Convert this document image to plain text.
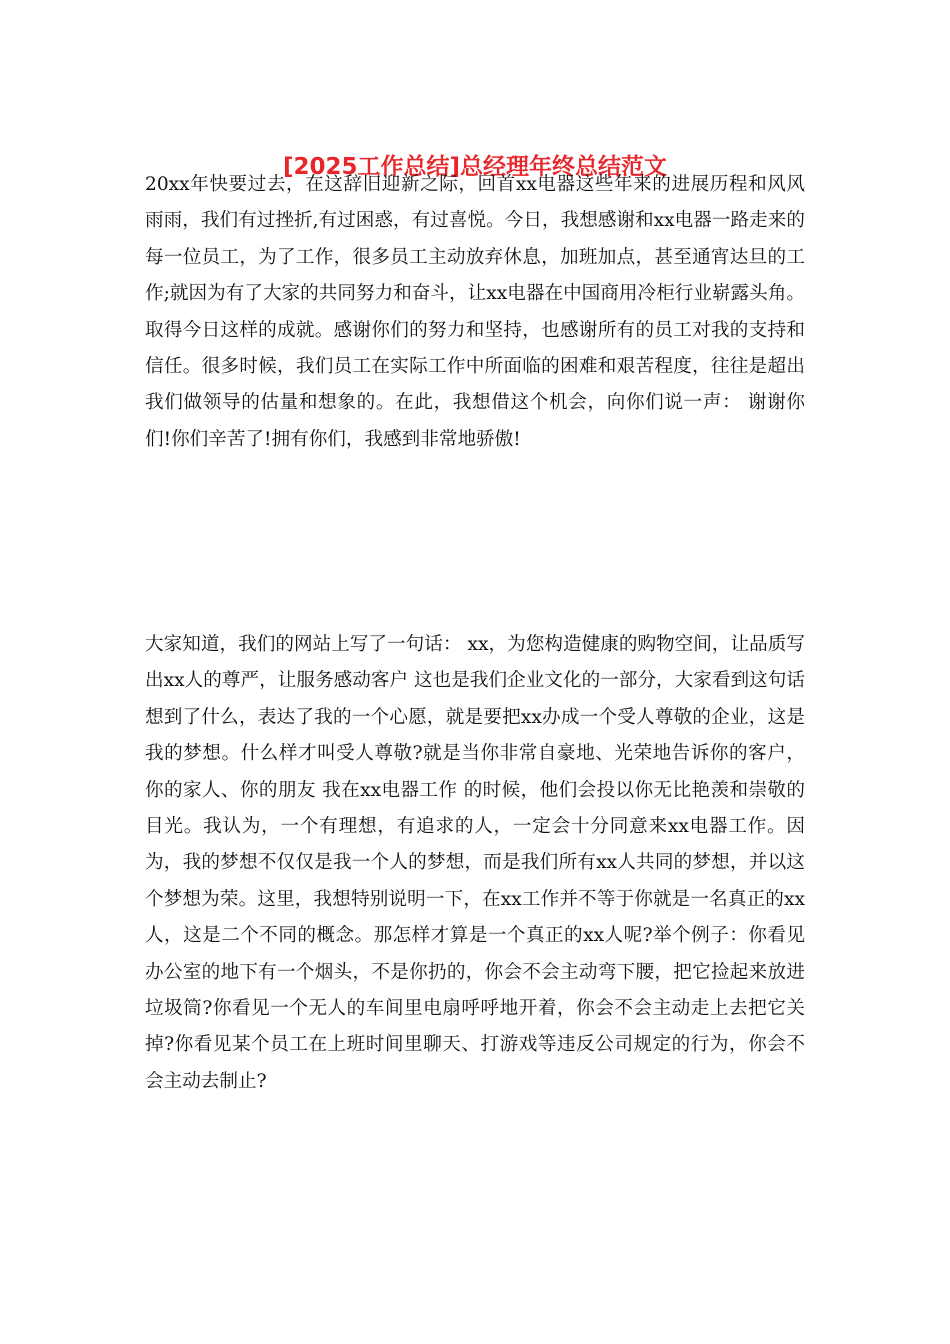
[2025工作总结]总经理年终总结范文

20xx年快要过去，在这辞旧迎新之际，回首xx电器这些年来的进展历程和风风雨雨，我们有过挫折,有过困惑，有过喜悦。今日，我想感谢和xx电器一路走来的每一位员工，为了工作，很多员工主动放弃休息，加班加点，甚至通宵达旦的工作;就因为有了大家的共同努力和奋斗，让xx电器在中国商用冷柜行业崭露头角。取得今日这样的成就。感谢你们的努力和坚持，也感谢所有的员工对我的支持和信任。很多时候，我们员工在实际工作中所面临的困难和艰苦程度，往往是超出我们做领导的估量和想象的。在此，我想借这个机会，向你们说一声： 谢谢你们!你们辛苦了!拥有你们，我感到非常地骄傲!

大家知道，我们的网站上写了一句话： xx，为您构造健康的购物空间，让品质写出xx人的尊严，让服务感动客户 这也是我们企业文化的一部分，大家看到这句话想到了什么，表达了我的一个心愿，就是要把xx办成一个受人尊敬的企业，这是我的梦想。什么样才叫受人尊敬?就是当你非常自豪地、光荣地告诉你的客户，你的家人、你的朋友 我在xx电器工作 的时候，他们会投以你无比艳羡和崇敬的目光。我认为，一个有理想，有追求的人，一定会十分同意来xx电器工作。因为，我的梦想不仅仅是我一个人的梦想，而是我们所有xx人共同的梦想，并以这个梦想为荣。这里，我想特别说明一下，在xx工作并不等于你就是一名真正的xx人，这是二个不同的概念。那怎样才算是一个真正的xx人呢?举个例子：你看见办公室的地下有一个烟头，不是你扔的，你会不会主动弯下腰，把它捡起来放进垃圾筒?你看见一个无人的车间里电扇呼呼地开着，你会不会主动走上去把它关掉?你看见某个员工在上班时间里聊天、打游戏等违反公司规定的行为，你会不会主动去制止?
